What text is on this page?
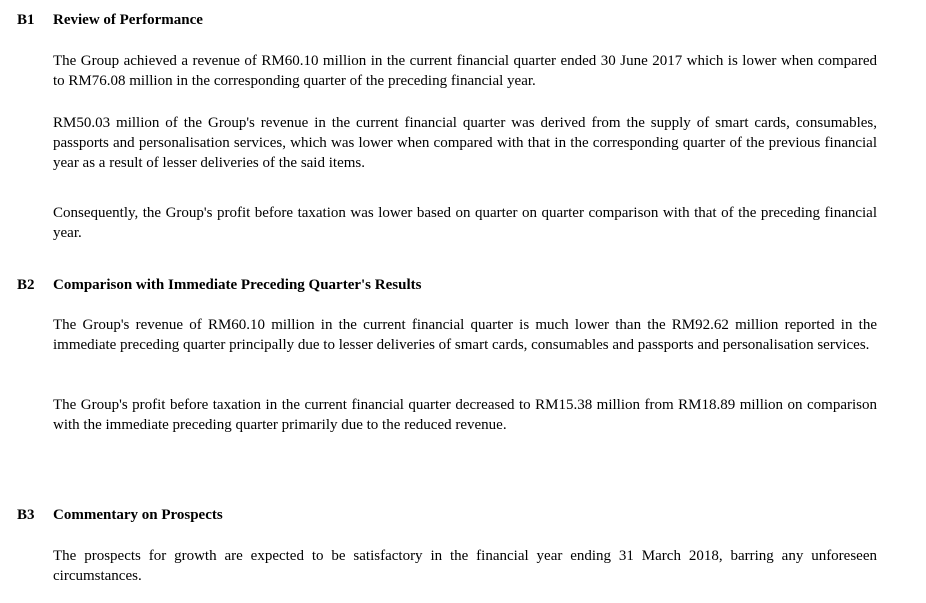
B1 Review of Performance

The Group achieved a revenue of RM60.10 million in the current financial quarter ended 30 June 2017 which is lower when compared to RM76.08 million in the corresponding quarter of the preceding financial year.

RM50.03 million of the Group's revenue in the current financial quarter was derived from the supply of smart cards, consumables, passports and personalisation services, which was lower when compared with that in the corresponding quarter of the previous financial year as a result of lesser deliveries of the said items.

Consequently, the Group's profit before taxation was lower based on quarter on quarter comparison with that of the preceding financial year.

B2 Comparison with Immediate Preceding Quarter's Results

The Group's revenue of RM60.10 million in the current financial quarter is much lower than the RM92.62 million reported in the immediate preceding quarter principally due to lesser deliveries of smart cards, consumables and passports and personalisation services.

The Group's profit before taxation in the current financial quarter decreased to RM15.38 million from RM18.89 million on comparison with the immediate preceding quarter primarily due to the reduced revenue.

B3 Commentary on Prospects

The prospects for growth are expected to be satisfactory in the financial year ending 31 March 2018, barring any unforeseen circumstances.
